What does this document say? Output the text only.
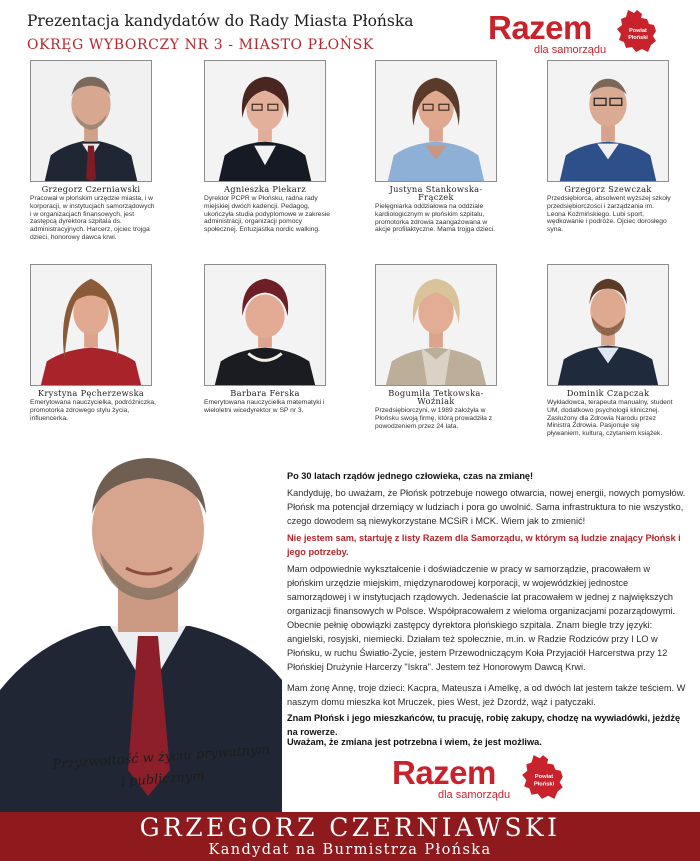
Prezentacja kandydatów do Rady Miasta Płońska
OKRĘG WYBORCZY NR 3 - MIASTO PŁOŃSK	Razem
dla samorządu
Powiat
Płoński
Grzegorz Czerniawski
Pracował w płońskim urzędzie miasta, i w korporacji, w instytucjach samorządowych i w organizacjach finansowych, jest zastępcą dyrektora szpitala ds. administracyjnych. Harcerz, ojciec trojga dzieci, honorowy dawca krwi.
Agnieszka Piekarz
Dyrektor PCPR w Płońsku, radna rady miejskiej dwóch kadencji. Pedagog, ukończyła studia podyplomowe w zakresie administracji, organizacji pomocy społecznej. Entuzjastka nordic walking.
Justyna Stankowska-Frączek
Pielęgniarka oddziałowa na oddziale kardiologicznym w płońskim szpitalu, promotorka zdrowia zaangażowana w akcje profilaktyczne. Mama trojga dzieci.
Grzegorz Szewczak
Przedsiębiorca, absolwent wyższej szkoły przedsiębiorczości i zarządzania im. Leona Koźmińskiego. Lubi sport, wędkowanie i podróże. Ojciec dorosłego syna.
Krystyna Pęcherzewska
Emerytowana nauczycielka, podróżniczka, promotorka zdrowego stylu życia, influencerka.
Barbara Ferska
Emerytowana nauczycielka matematyki i wieloletni wicedyrektor w SP nr 3.
Bogumiła Tetkowska-Woźniak
Przedsiębiorczyni, w 1989 założyła w Płońsku swoją firmę, którą prowadziła z powodzeniem przez 24 lata.
Dominik Czapczak
Wykładowca, terapeuta manualny, student UM, dodatkowo psychologii klinicznej. Zasłużony dla Zdrowia Narodu przez Ministra Zdrowia. Pasjonuje się pływaniem, kulturą, czytaniem książek.
Przyzwoitość w życiu prywatnym i publicznym
Po 30 latach rządów jednego człowieka, czas na zmianę!
Kandyduję, bo uważam, że Płońsk potrzebuje nowego otwarcia, nowej energii, nowych pomysłów. Płońsk ma potencjał drzemiący w ludziach i pora go uwolnić. Sama infrastruktura to nie wszystko, czego dowodem są niewykorzystane MCSiR i MCK. Wiem jak to zmienić!
Nie jestem sam, startuję z listy Razem dla Samorządu, w którym są ludzie znający Płońsk i jego potrzeby.
Mam odpowiednie wykształcenie i doświadczenie w pracy w samorządzie, pracowałem w płońskim urzędzie miejskim, międzynarodowej korporacji, w wojewódzkiej jednostce samorządowej i w instytucjach rządowych. Jedenaście lat pracowałem w jednej z największych organizacji finansowych w Polsce. Współpracowałem z wieloma organizacjami pozarządowymi. Obecnie pełnię obowiązki zastępcy dyrektora płońskiego szpitala. Znam biegle trzy języki: angielski, rosyjski, niemiecki. Działam też społecznie, m.in. w Radzie Rodziców przy I LO w Płońsku, w ruchu Światło-Życie, jestem Przewodniczącym Koła Przyjaciół Harcerstwa przy 12 Płońskiej Drużynie Harcerzy "Iskra". Jestem też Honorowym Dawcą Krwi.
Mam żonę Annę, troje dzieci: Kacpra, Mateusza i Amelkę, a od dwóch lat jestem także teściem. W naszym domu mieszka kot Mruczek, pies West, jeż Dzordż, wąż i patyczaki.
Znam Płońsk i jego mieszkańców, tu pracuję, robię zakupy, chodzę na wywiadówki, jeżdżę na rowerze.
Uważam, że zmiana jest potrzebna i wiem, że jest możliwa.
Razem
dla samorządu
Powiat
Płoński
GRZEGORZ CZERNIAWSKI
Kandydat na Burmistrza Płońska
